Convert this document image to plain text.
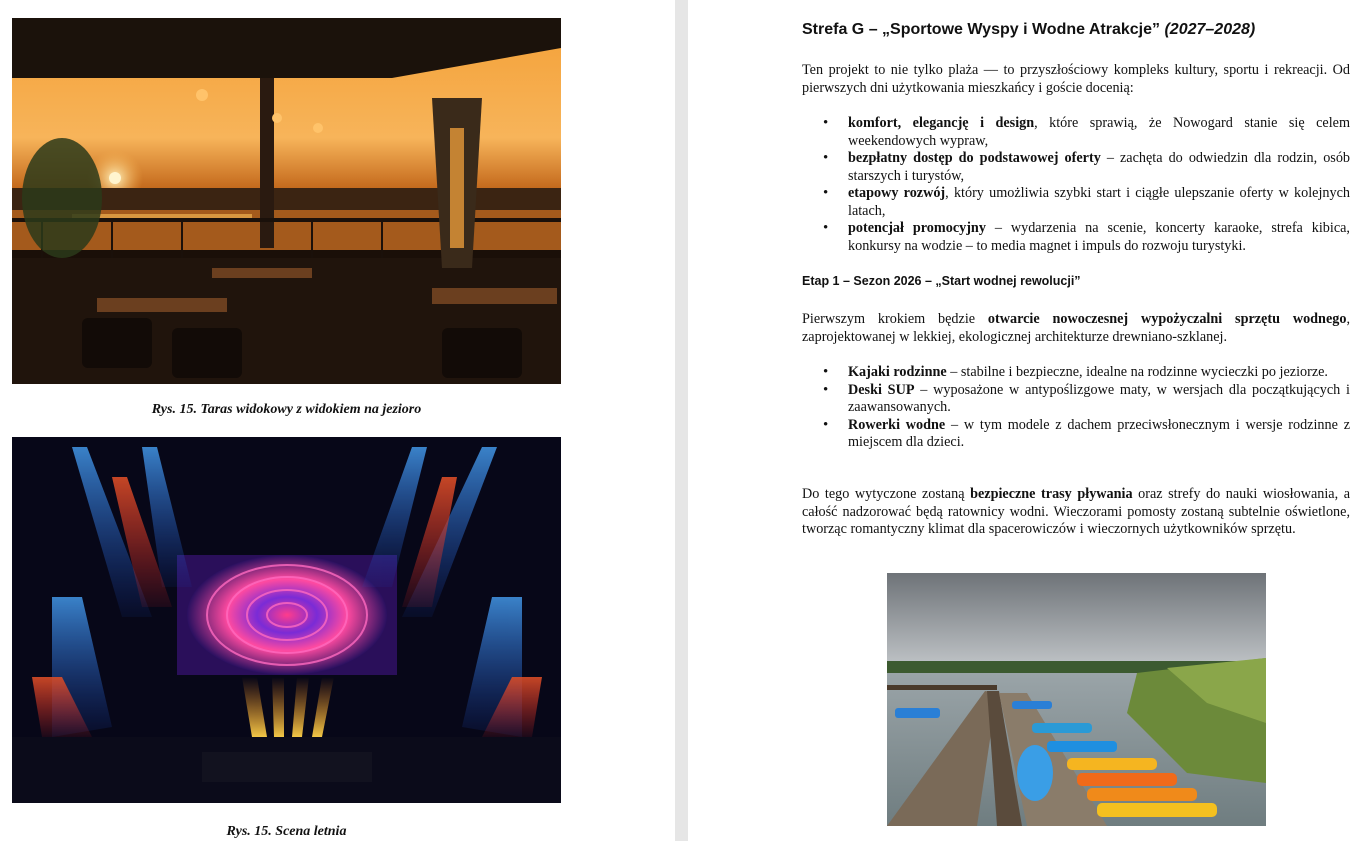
Rys. 15. Taras widokowy z widokiem na jezioro
Rys. 15. Scena letnia
Strefa G – „Sportowe Wyspy i Wodne Atrakcje” (2027–2028)
Ten projekt to nie tylko plaża — to przyszłościowy kompleks kultury, sportu i rekreacji. Od pierwszych dni użytkowania mieszkańcy i goście docenią:
• komfort, elegancję i design, które sprawią, że Nowogard stanie się celem weekendowych wypraw,
• bezpłatny dostęp do podstawowej oferty – zachęta do odwiedzin dla rodzin, osób starszych i turystów,
• etapowy rozwój, który umożliwia szybki start i ciągłe ulepszanie oferty w kolejnych latach,
• potencjał promocyjny – wydarzenia na scenie, koncerty karaoke, strefa kibica, konkursy na wodzie – to media magnet i impuls do rozwoju turystyki.
Etap 1 – Sezon 2026 – „Start wodnej rewolucji”
Pierwszym krokiem będzie otwarcie nowoczesnej wypożyczalni sprzętu wodnego, zaprojektowanej w lekkiej, ekologicznej architekturze drewniano-szklanej.
• Kajaki rodzinne – stabilne i bezpieczne, idealne na rodzinne wycieczki po jeziorze.
• Deski SUP – wyposażone w antypoślizgowe maty, w wersjach dla początkujących i zaawansowanych.
• Rowerki wodne – w tym modele z dachem przeciwsłonecznym i wersje rodzinne z miejscem dla dzieci.
Do tego wytyczone zostaną bezpieczne trasy pływania oraz strefy do nauki wiosłowania, a całość nadzorować będą ratownicy wodni. Wieczorami pomosty zostaną subtelnie oświetlone, tworząc romantyczny klimat dla spacerowiczów i wieczornych użytkowników sprzętu.
